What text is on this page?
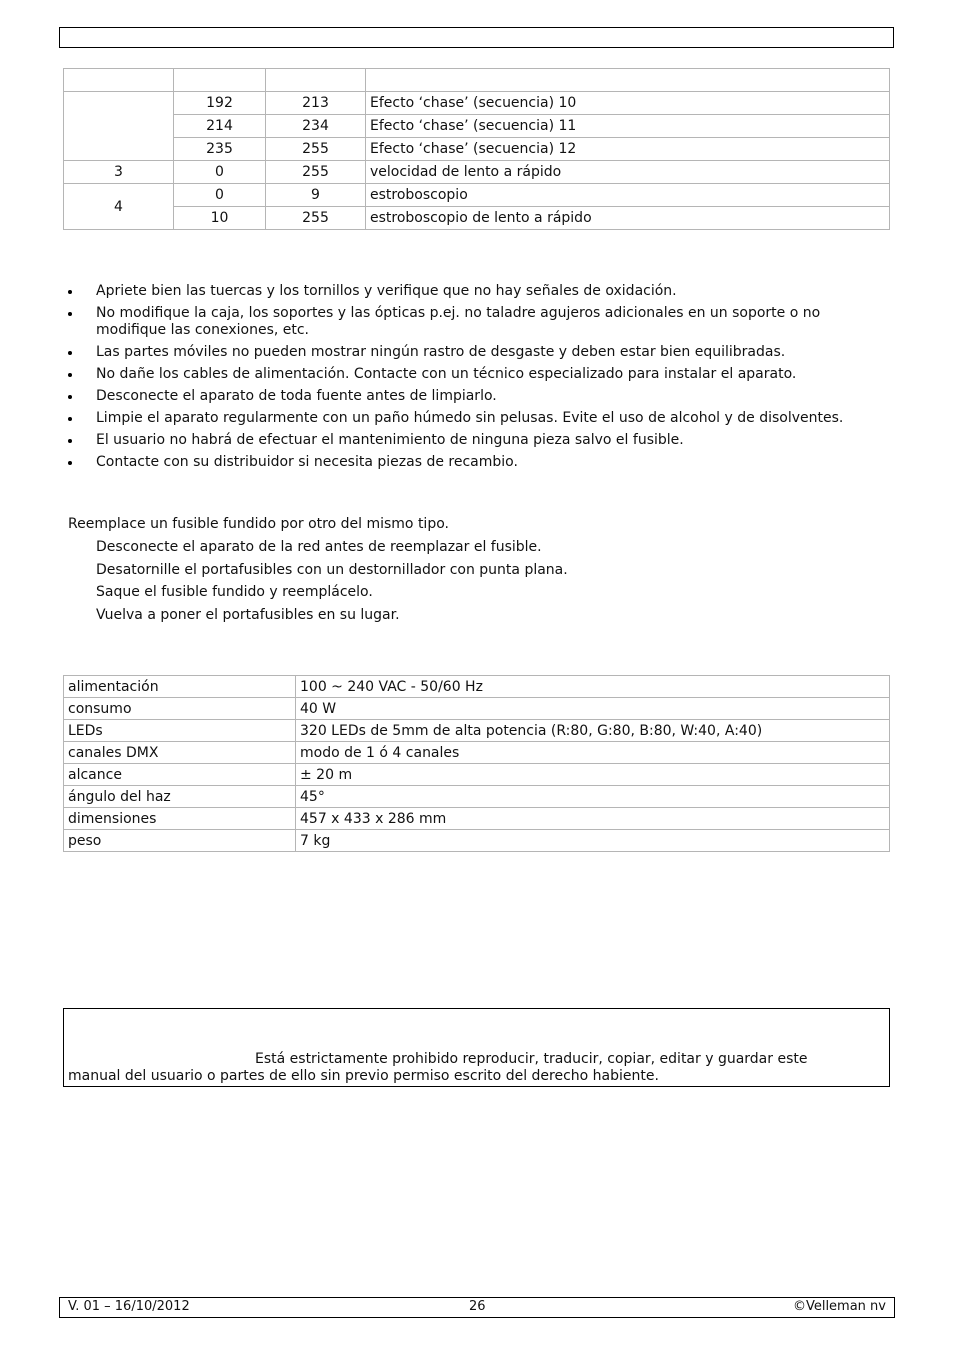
	192	213	Efecto ‘chase’ (secuencia) 10
	214	234	Efecto ‘chase’ (secuencia) 11
	235	255	Efecto ‘chase’ (secuencia) 12
3	0	255	velocidad de lento a rápido
4	0	9	estroboscopio
	10	255	estroboscopio de lento a rápido
Apriete bien las tuercas y los tornillos y verifique que no hay señales de oxidación.
No modifique la caja, los soportes y las ópticas p.ej. no taladre agujeros adicionales en un soporte o no modifique las conexiones, etc.
Las partes móviles no pueden mostrar ningún rastro de desgaste y deben estar bien equilibradas.
No dañe los cables de alimentación. Contacte con un técnico especializado para instalar el aparato.
Desconecte el aparato de toda fuente antes de limpiarlo.
Limpie el aparato regularmente con un paño húmedo sin pelusas. Evite el uso de alcohol y de disolventes.
El usuario no habrá de efectuar el mantenimiento de ninguna pieza salvo el fusible.
Contacte con su distribuidor si necesita piezas de recambio.
Reemplace un fusible fundido por otro del mismo tipo.
Desconecte el aparato de la red antes de reemplazar el fusible.
Desatornille el portafusibles con un destornillador con punta plana.
Saque el fusible fundido y reemplácelo.
Vuelva a poner el portafusibles en su lugar.
alimentación	100 ~ 240 VAC - 50/60 Hz
consumo	40 W
LEDs	320 LEDs de 5mm de alta potencia (R:80, G:80, B:80, W:40, A:40)
canales DMX	modo de 1 ó 4 canales
alcance	± 20 m
ángulo del haz	45°
dimensiones	457 x 433 x 286 mm
peso	7 kg
Está estrictamente prohibido reproducir, traducir, copiar, editar y guardar este manual del usuario o partes de ello sin previo permiso escrito del derecho habiente.
V. 01 – 16/10/2012	26	©Velleman nv
